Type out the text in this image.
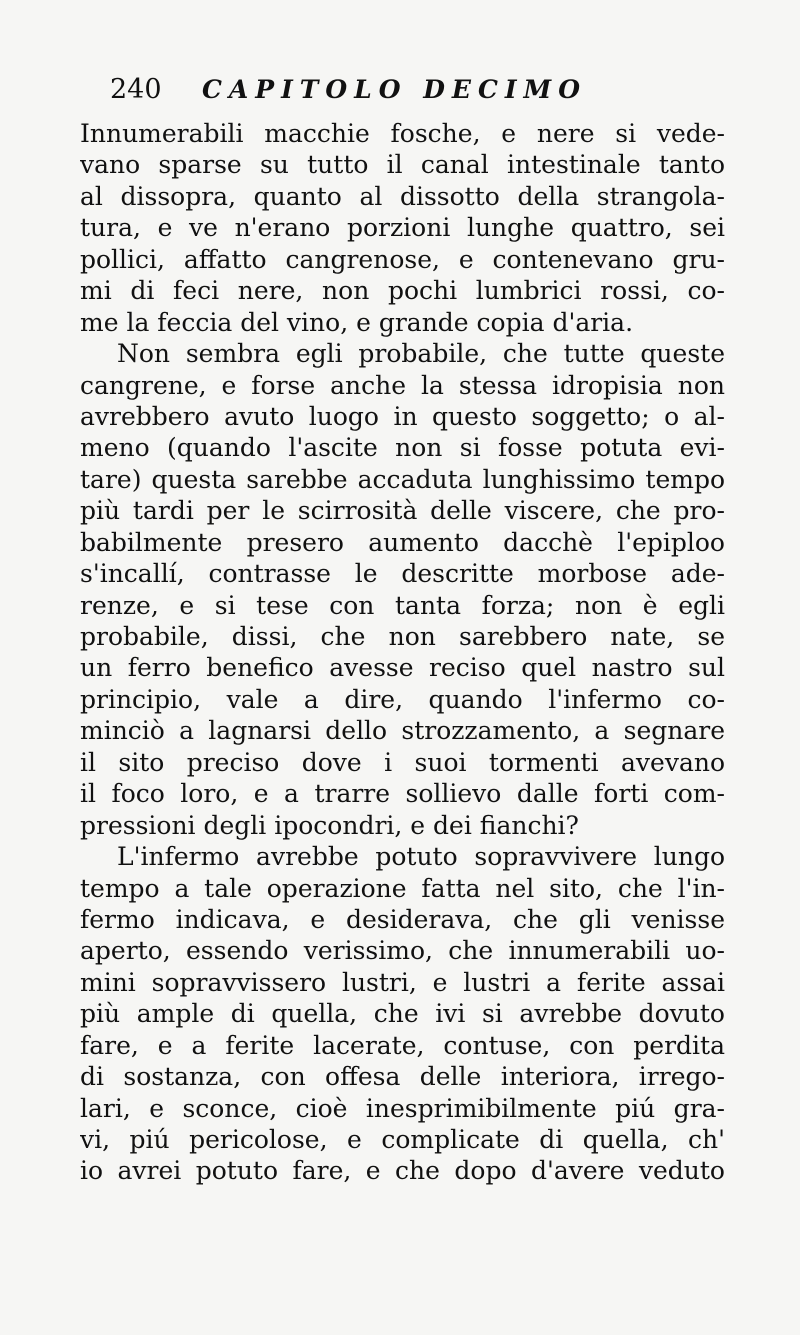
240 CAPITOLO DECIMO
Innumerabili macchie fosche, e nere si vede-
vano sparse su tutto il canal intestinale tanto
al dissopra, quanto al dissotto della strangola-
tura, e ve n'erano porzioni lunghe quattro, sei
pollici, affatto cangrenose, e contenevano gru-
mi di feci nere, non pochi lumbrici rossi, co-
me la feccia del vino, e grande copia d'aria.
Non sembra egli probabile, che tutte queste
cangrene, e forse anche la stessa idropisia non
avrebbero avuto luogo in questo soggetto; o al-
meno (quando l'ascite non si fosse potuta evi-
tare) questa sarebbe accaduta lunghissimo tempo
più tardi per le scirrosità delle viscere, che pro-
babilmente presero aumento dacchè l'epiploo
s'incallí, contrasse le descritte morbose ade-
renze, e si tese con tanta forza; non è egli
probabile, dissi, che non sarebbero nate, se
un ferro benefico avesse reciso quel nastro sul
principio, vale a dire, quando l'infermo co-
minciò a lagnarsi dello strozzamento, a segnare
il sito preciso dove i suoi tormenti avevano
il foco loro, e a trarre sollievo dalle forti com-
pressioni degli ipocondri, e dei fianchi?
L'infermo avrebbe potuto sopravvivere lungo
tempo a tale operazione fatta nel sito, che l'in-
fermo indicava, e desiderava, che gli venisse
aperto, essendo verissimo, che innumerabili uo-
mini sopravvissero lustri, e lustri a ferite assai
più ample di quella, che ivi si avrebbe dovuto
fare, e a ferite lacerate, contuse, con perdita
di sostanza, con offesa delle interiora, irrego-
lari, e sconce, cioè inesprimibilmente piú gra-
vi, piú pericolose, e complicate di quella, ch'
io avrei potuto fare, e che dopo d'avere veduto
